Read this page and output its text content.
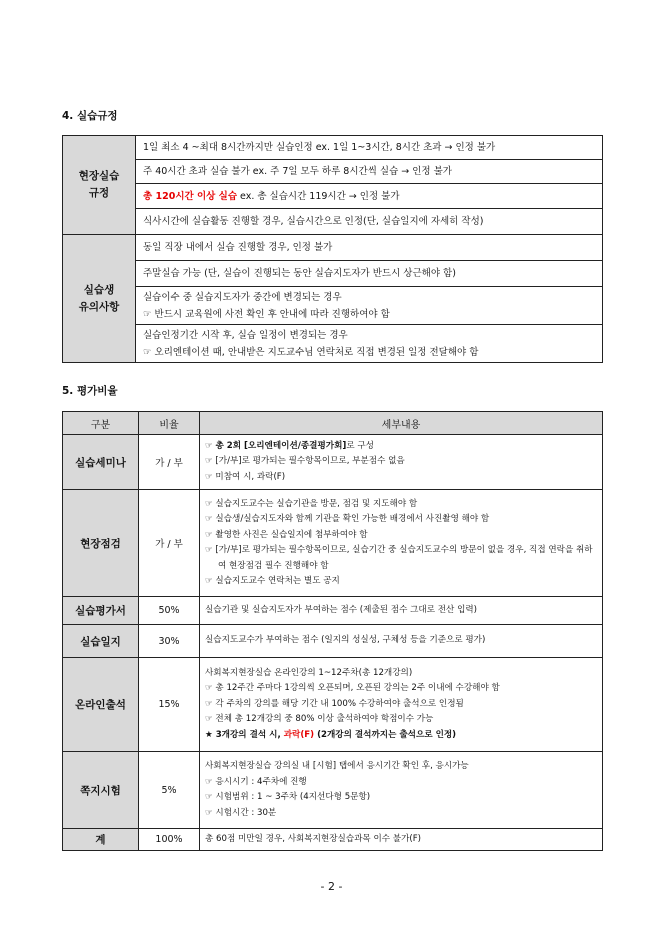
4. 실습규정
현장실습
규정	1일 최소 4 ~최대 8시간까지만 실습인정 ex. 1일 1~3시간, 8시간 초과 → 인정 불가
	주 40시간 초과 실습 불가 ex. 주 7일 모두 하루 8시간씩 실습 → 인정 불가
	총 120시간 이상 실습 ex. 총 실습시간 119시간 → 인정 불가
	식사시간에 실습활동 진행할 경우, 실습시간으로 인정(단, 실습일지에 자세히 작성)

실습생
유의사항	동일 직장 내에서 실습 진행할 경우, 인정 불가
	주말실습 가능 (단, 실습이 진행되는 동안 실습지도자가 반드시 상근해야 함)

	실습이수 중 실습지도자가 중간에 변경되는 경우
☞ 반드시 교육원에 사전 확인 후 안내에 따라 진행하여야 함

	실습인정기간 시작 후, 실습 일정이 변경되는 경우
☞ 오리엔테이션 때, 안내받은 지도교수님 연락처로 직접 변경된 일정 전달해야 함
5. 평가비율
구분	비율	세부내용
실습세미나	가 / 부	☞ 총 2회 [오리엔테이션/종결평가회]로 구성
☞ [가/부]로 평가되는 필수항목이므로, 부분점수 없음
☞ 미참여 시, 과락(F)

현장점검	가 / 부	☞ 실습지도교수는 실습기관을 방문, 점검 및 지도해야 함
☞ 실습생/실습지도자와 함께 기관을 확인 가능한 배경에서 사진촬영 해야 함
☞ 촬영한 사진은 실습일지에 첨부하여야 함
☞ [가/부]로 평가되는 필수항목이므로, 실습기간 중 실습지도교수의 방문이 없을 경우, 직접 연락을 취하여 현장점검 필수 진행해야 함
☞ 실습지도교수 연락처는 별도 공지

실습평가서	50%	실습기관 및 실습지도자가 부여하는 점수 (제출된 점수 그대로 전산 입력)
실습일지	30%	실습지도교수가 부여하는 점수 (일지의 성실성, 구체성 등을 기준으로 평가)
온라인출석	15%	사회복지현장실습 온라인강의 1~12주차(총 12개강의)
☞ 총 12주간 주마다 1강의씩 오픈되며, 오픈된 강의는 2주 이내에 수강해야 함
☞ 각 주차의 강의를 해당 기간 내 100% 수강하여야 출석으로 인정됨
☞ 전체 총 12개강의 중 80% 이상 출석하여야 학점이수 가능
★ 3개강의 결석 시, 과락(F) (2개강의 결석까지는 출석으로 인정)

쪽지시험	5%	사회복지현장실습 강의실 내 [시험] 탭에서 응시기간 확인 후, 응시가능
☞ 응시시기 : 4주차에 진행
☞ 시험범위 : 1 ~ 3주차 (4지선다형 5문항)
☞ 시험시간 : 30분

계	100%	총 60점 미만일 경우, 사회복지현장실습과목 이수 불가(F)
- 2 -
